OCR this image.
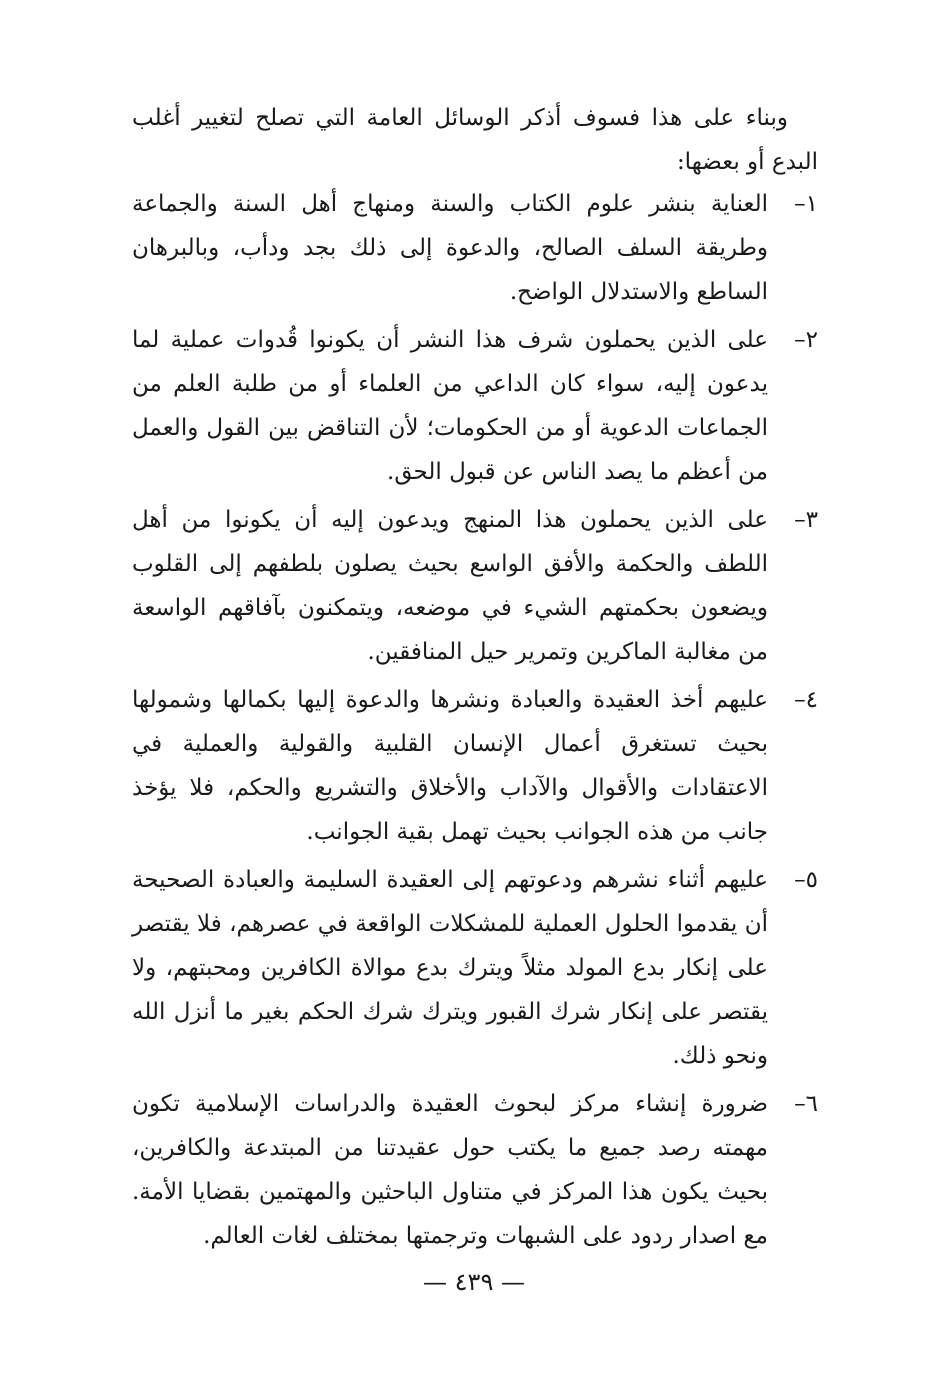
وبناء على هذا فسوف أذكر الوسائل العامة التي تصلح لتغيير أغلب البدع أو بعضها:

١–
العناية بنشر علوم الكتاب والسنة ومنهاج أهل السنة والجماعة وطريقة السلف الصالح، والدعوة إلى ذلك بجد ودأب، وبالبرهان الساطع والاستدلال الواضح.
٢–
على الذين يحملون شرف هذا النشر أن يكونوا قُدوات عملية لما يدعون إليه، سواء كان الداعي من العلماء أو من طلبة العلم من الجماعات الدعوية أو من الحكومات؛ لأن التناقض بين القول والعمل من أعظم ما يصد الناس عن قبول الحق.
٣–
على الذين يحملون هذا المنهج ويدعون إليه أن يكونوا من أهل اللطف والحكمة والأفق الواسع بحيث يصلون بلطفهم إلى القلوب ويضعون بحكمتهم الشيء في موضعه، ويتمكنون بآفاقهم الواسعة من مغالبة الماكرين وتمرير حيل المنافقين.
٤–
عليهم أخذ العقيدة والعبادة ونشرها والدعوة إليها بكمالها وشمولها بحيث تستغرق أعمال الإنسان القلبية والقولية والعملية في الاعتقادات والأقوال والآداب والأخلاق والتشريع والحكم، فلا يؤخذ جانب من هذه الجوانب بحيث تهمل بقية الجوانب.
٥–
عليهم أثناء نشرهم ودعوتهم إلى العقيدة السليمة والعبادة الصحيحة أن يقدموا الحلول العملية للمشكلات الواقعة في عصرهم، فلا يقتصر على إنكار بدع المولد مثلاً ويترك بدع موالاة الكافرين ومحبتهم، ولا يقتصر على إنكار شرك القبور ويترك شرك الحكم بغير ما أنزل الله ونحو ذلك.
٦–
ضرورة إنشاء مركز لبحوث العقيدة والدراسات الإسلامية تكون مهمته رصد جميع ما يكتب حول عقيدتنا من المبتدعة والكافرين، بحيث يكون هذا المركز في متناول الباحثين والمهتمين بقضايا الأمة. مع اصدار ردود على الشبهات وترجمتها بمختلف لغات العالم.
— ٤٣٩ —
